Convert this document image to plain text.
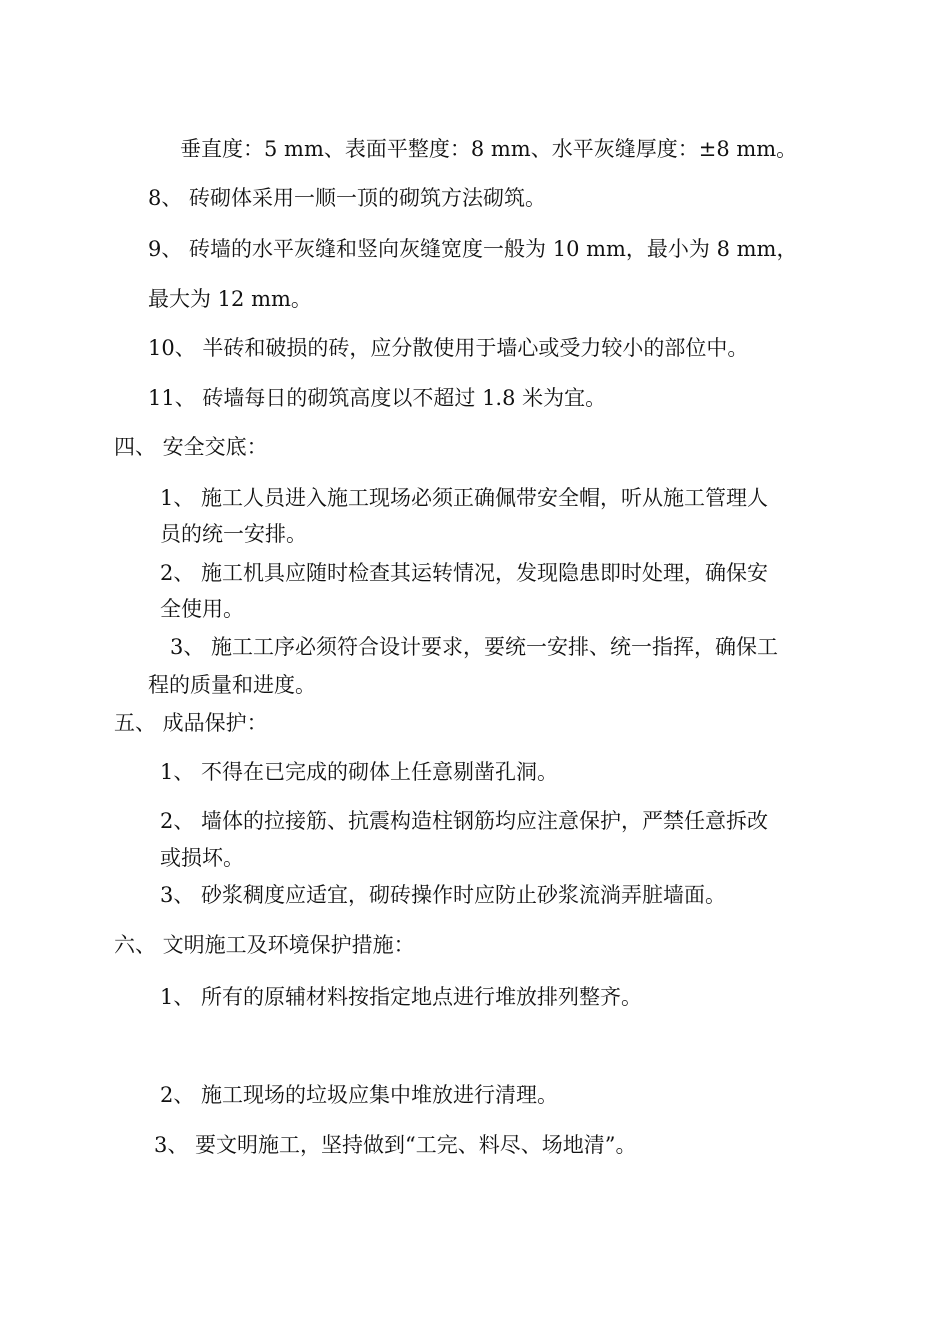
垂直度：5 mm、表面平整度：8 mm、水平灰缝厚度：±8 mm。
8、 砖砌体采用一顺一顶的砌筑方法砌筑。
9、 砖墙的水平灰缝和竖向灰缝宽度一般为 10 mm，最小为 8 mm，
最大为 12 mm。
10、 半砖和破损的砖，应分散使用于墙心或受力较小的部位中。
11、 砖墙每日的砌筑高度以不超过 1.8 米为宜。
四、 安全交底：
1、 施工人员进入施工现场必须正确佩带安全帽，听从施工管理人
员的统一安排。
2、 施工机具应随时检查其运转情况，发现隐患即时处理，确保安
全使用。
3、 施工工序必须符合设计要求，要统一安排、统一指挥，确保工
程的质量和进度。
五、 成品保护：
1、 不得在已完成的砌体上任意剔凿孔洞。
2、 墙体的拉接筋、抗震构造柱钢筋均应注意保护，严禁任意拆改
或损坏。
3、 砂浆稠度应适宜，砌砖操作时应防止砂浆流淌弄脏墙面。
六、 文明施工及环境保护措施：
1、 所有的原辅材料按指定地点进行堆放排列整齐。
2、 施工现场的垃圾应集中堆放进行清理。
3、 要文明施工，坚持做到“工完、料尽、场地清”。
